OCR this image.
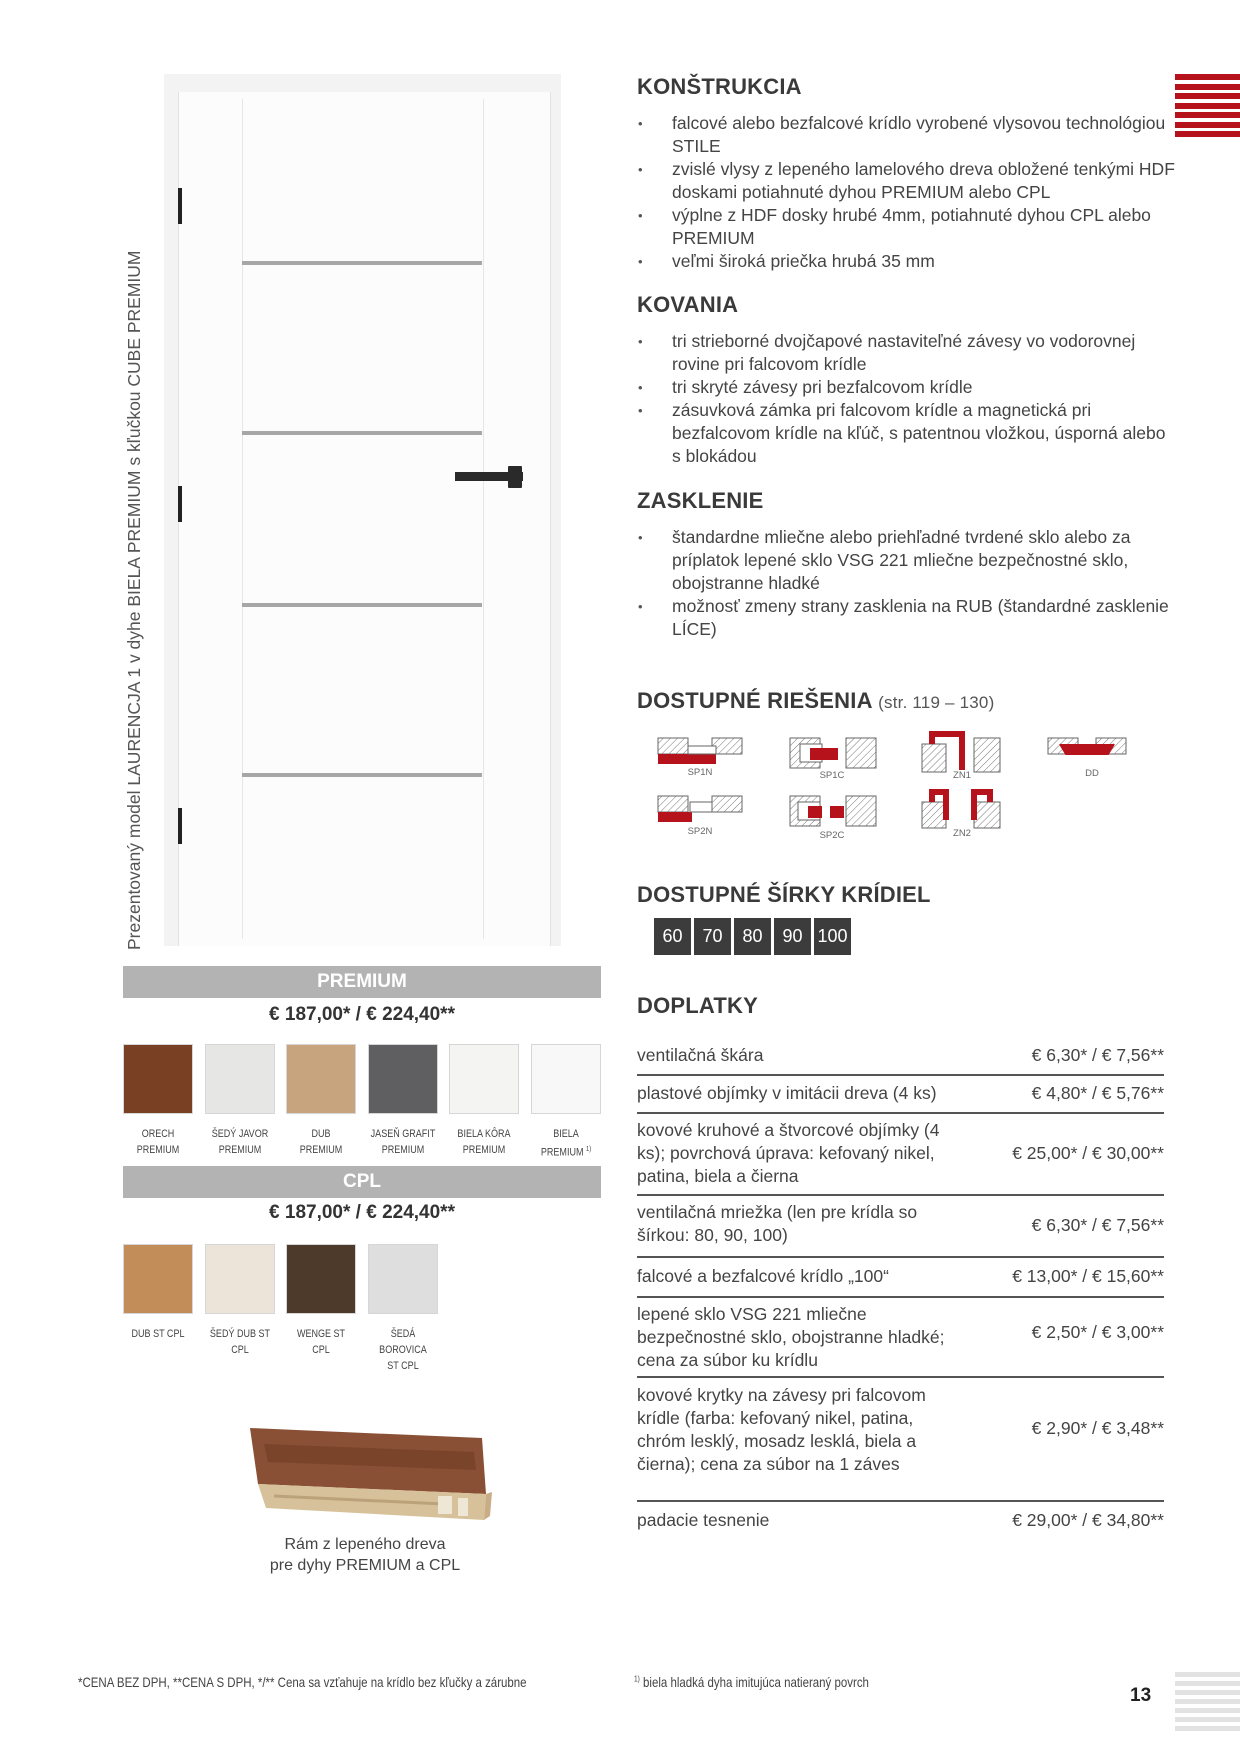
13
Prezentovaný model LAURENCJA 1 v dyhe BIELA PREMIUM s kľučkou CUBE PREMIUM
PREMIUM
€ 187,00* / € 224,40**
ORECH
PREMIUM
ŠEDÝ JAVOR
PREMIUM
DUB
PREMIUM
JASEŇ GRAFIT
PREMIUM
BIELA KÔRA
PREMIUM
BIELA
PREMIUM $^{1)}$
CPL
€ 187,00* / € 224,40**
DUB ST CPL	ŠEDÝ DUB ST CPL
WENGE ST CPL
ŠEDÁ BOROVICA
ST CPL
Rám z lepeného dreva
pre dyhy PREMIUM a CPL
KONŠTRUKCIA
• falcové alebo bezfalcové krídlo vyrobené vlysovou technológiou STILE
• zvislé vlysy z lepeného lamelového dreva obložené tenkými HDF doskami potiahnuté dyhou PREMIUM alebo CPL
• výplne z HDF dosky hrubé 4mm, potiahnuté dyhou CPL alebo PREMIUM
• veľmi široká priečka hrubá 35 mm
KOVANIA
• tri strieborné dvojčapové nastaviteľné závesy vo vodorovnej rovine pri falcovom krídle
• tri skryté závesy pri bezfalcovom krídle
• zásuvková zámka pri falcovom krídle a magnetická pri bezfalcovom krídle na kľúč, s patentnou vložkou, úsporná alebo s blokádou
ZASKLENIE
• štandardne mliečne alebo priehľadné tvrdené sklo alebo za príplatok lepené sklo VSG 221 mliečne bezpečnostné sklo, obojstranne hladké
• možnosť zmeny strany zasklenia na RUB (štandardné zasklenie LÍCE)
DOSTUPNÉ RIEŠENIA (str. 119 – 130)
SP1N	SP1C	ZN1	DD
SP2N	SP2C	ZN2
DOSTUPNÉ ŠÍRKY KRÍDIEL
60	70	80	90 100
DOPLATKY
ventilačná škára	€ 6,30* / € 7,56**
plastové objímky v imitácii dreva (4 ks)	€ 4,80* / € 5,76**
kovové kruhové a štvorcové objímky (4 ks); povrchová úprava: kefovaný nikel, patina, biela a čierna
€ 25,00* / € 30,00**
ventilačná mriežka (len pre krídla so šírkou: 80, 90, 100)	€ 6,30* / € 7,56**
falcové a bezfalcové krídlo „100“	€ 13,00* / € 15,60**
lepené sklo VSG 221 mliečne bezpečnostné sklo, obojstranne hladké; cena za súbor ku krídlu
€ 2,50* / € 3,00**
kovové krytky na závesy pri falcovom krídle (farba: kefovaný nikel, patina, chróm lesklý, mosadz lesklá, biela a čierna); cena za súbor na 1 záves
€ 2,90* / € 3,48**
padacie tesnenie	€ 29,00* / € 34,80**
*CENA BEZ DPH, **CENA S DPH, */** Cena sa vzťahuje na krídlo bez kľučky a zárubne	$^{1)}$ biela hladká dyha imitujúca natieraný povrch
